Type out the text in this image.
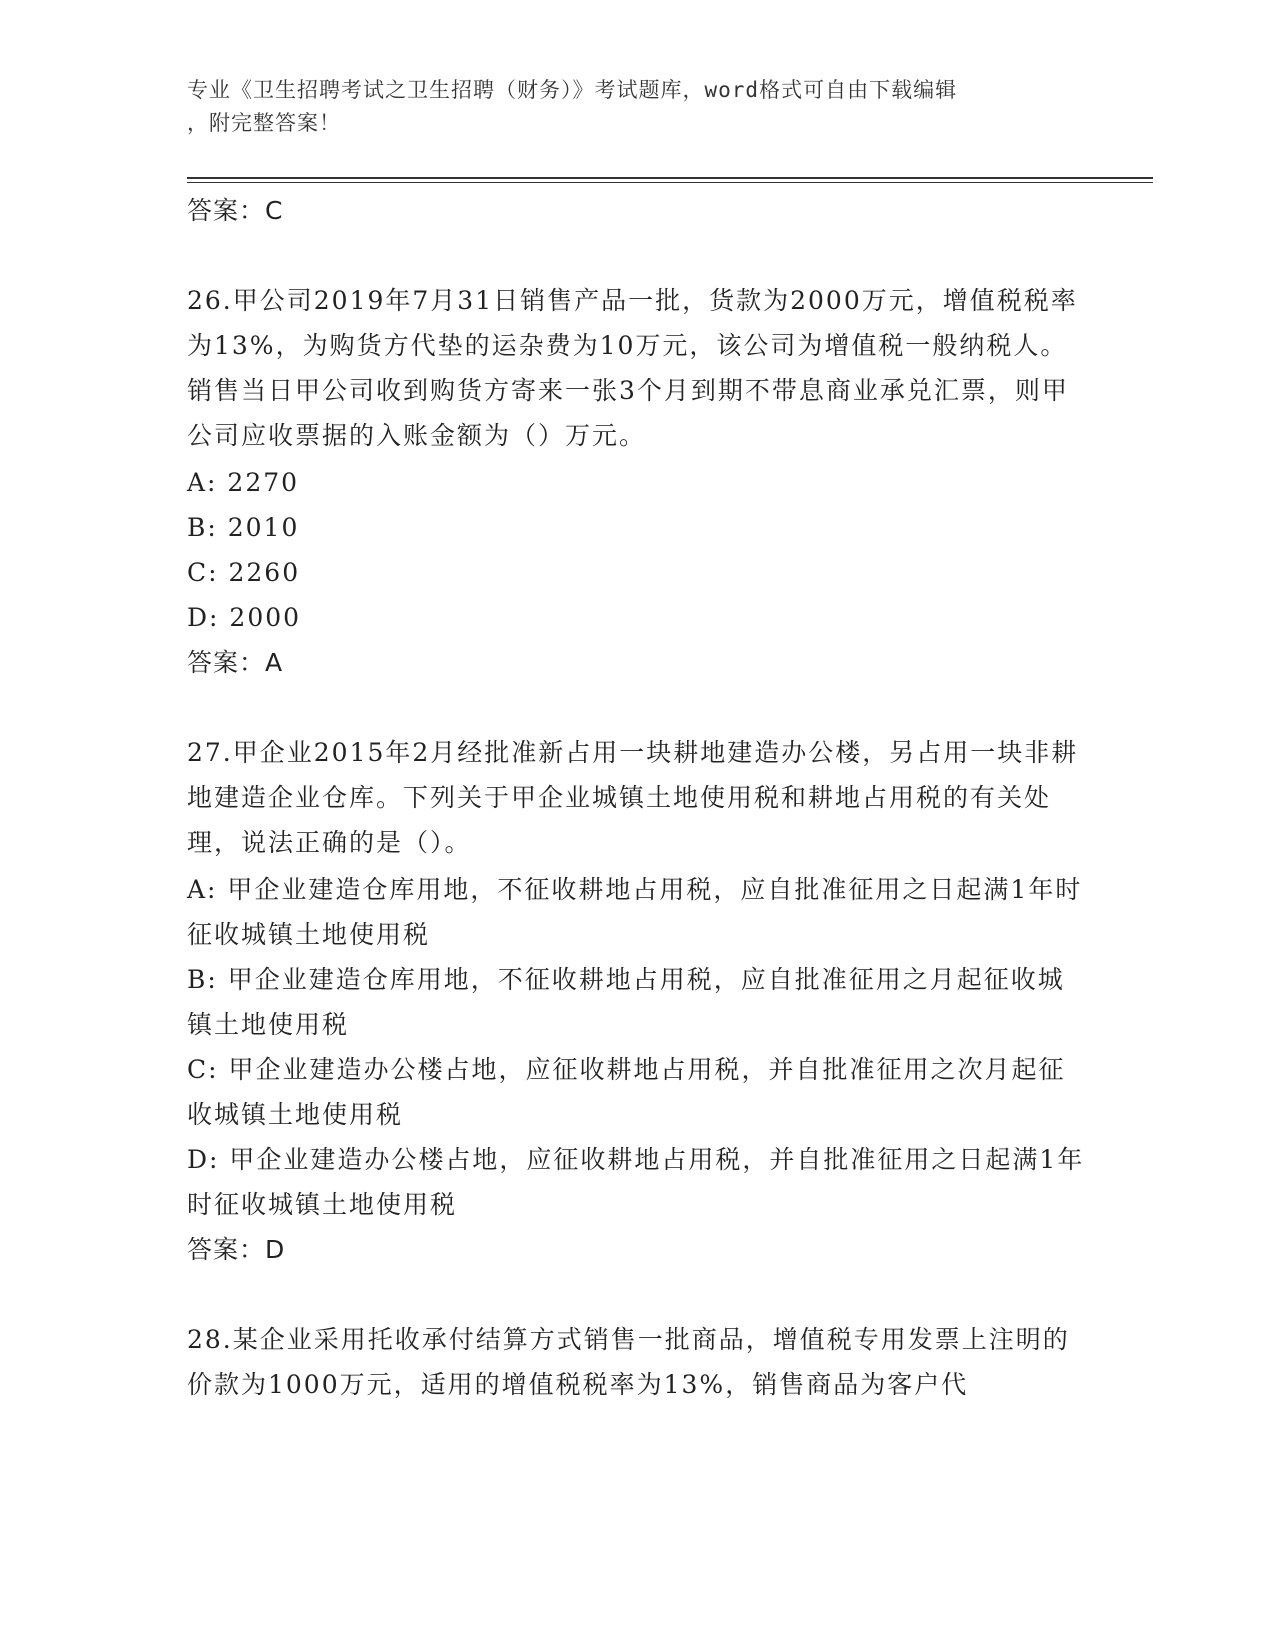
专业《卫生招聘考试之卫生招聘（财务）》考试题库，word格式可自由下载编辑
，附完整答案！

答案：C

26.甲公司2019年7月31日销售产品一批，货款为2000万元，增值税税率为13%，为购货方代垫的运杂费为10万元，该公司为增值税一般纳税人。销售当日甲公司收到购货方寄来一张3个月到期不带息商业承兑汇票，则甲公司应收票据的入账金额为（）万元。

A: 2270

B: 2010

C: 2260

D: 2000

答案：A

27.甲企业2015年2月经批准新占用一块耕地建造办公楼，另占用一块非耕地建造企业仓库。下列关于甲企业城镇土地使用税和耕地占用税的有关处理，说法正确的是（）。

A: 甲企业建造仓库用地，不征收耕地占用税，应自批准征用之日起满1年时征收城镇土地使用税

B: 甲企业建造仓库用地，不征收耕地占用税，应自批准征用之月起征收城镇土地使用税

C: 甲企业建造办公楼占地，应征收耕地占用税，并自批准征用之次月起征收城镇土地使用税

D: 甲企业建造办公楼占地，应征收耕地占用税，并自批准征用之日起满1年时征收城镇土地使用税

答案：D

28.某企业采用托收承付结算方式销售一批商品，增值税专用发票上注明的价款为1000万元，适用的增值税税率为13%，销售商品为客户代
